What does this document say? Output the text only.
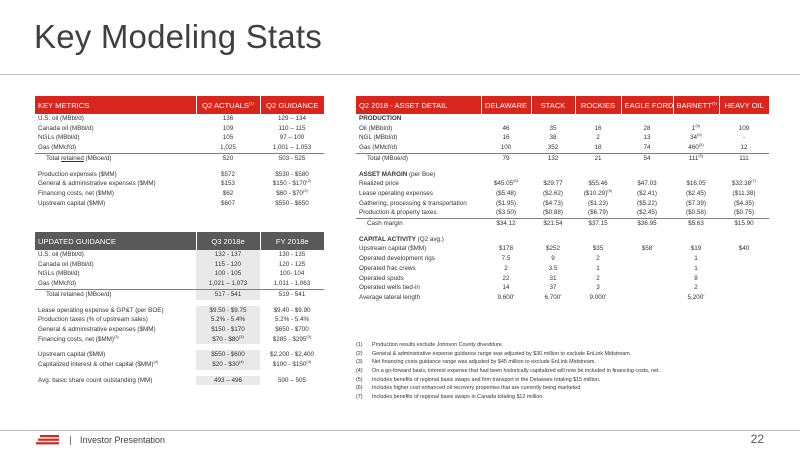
Key Modeling Stats
KEY METRICS	Q2 ACTUALS$^{(1)}$	Q2 GUIDANCE
U.S. oil (MBbl/d)	136	129 – 134
Canada oil (MBbl/d)	109	110 – 115
NGLs (MBbl/d)	105	97 – 100
Gas (MMcf/d)	1,025	1,001 – 1,053
Total retained (MBoe/d)	520	503 - 525

Production expenses ($MM)	$572	$530 - $580
General & administrative expenses ($MM)	$153	$150 - $170$^{(2)}$
Financing costs, net ($MM)	$62	$60 - $70$^{(3)}$
Upstream capital ($MM)	$607	$550 - $650
UPDATED GUIDANCE	Q3 2018e	FY 2018e
U.S. oil (MBbl/d)	132 - 137	130 - 135
Canada oil (MBbl/d)	115 - 120	120 - 125
NGLs (MBbl/d)	100 - 105	100- 104
Gas (MMcf/d)	1,021 – 1,073	1,011 - 1,063
Total retained (MBoe/d)	517 - 541	519 - 541

Lease operating expense & GP&T (per BOE)	$9.50 - $9.75	$9.40 - $9.90
Production taxes (% of upstream sales)	5.2% - 5.4%	5.2% - 5.4%
General & administrative expenses ($MM)	$150 - $170	$650 - $700
Financing costs, net ($MM)$^{(3)}$	$70 - $80$^{(3)}$	$285 - $295$^{(3)}$

Upstream capital ($MM)	$550 - $600	$2,200 - $2,400
Capitalized interest & other capital ($MM)$^{(4)}$	$20 - $30$^{(4)}$	$100 - $150$^{(4)}$

Avg. basic share count outstanding (MM)	493 – 496	500 – 505
Q2 2018 - ASSET DETAIL	DELAWARE	STACK	ROCKIES	EAGLE FORD	BARNETT$^{(5)}$	HEAVY OIL
PRODUCTION						
Oil (MBbl/d)	46	35	16	28	1$^{(5)}$	109
NGL (MBbl/d)	16	38	2	13	34$^{(5)}$	-
Gas (MMcf/d)	100	352	18	74	460$^{(5)}$	12
Total (MBoe/d)	79	132	21	54	111$^{(5)}$	111

ASSET MARGIN (per Boe)						
Realized price	$45.05$^{(6)}$	$29.77	$55.46	$47.03	$16.05	$32.38$^{(7)}$
Lease operating expenses	($5.48)	($2.62)	($10.29)$^{(6)}$	($2.41)	($2.45)	($11.38)
Gathering, processing & transportation	($1.95)	($4.73)	($1.23)	($5.22)	($7.39)	($4.35)
Production & property taxes	($3.50)	($0.88)	($6.79)	($2.45)	($0.58)	($0.75)
Cash margin	$34.12	$21.54	$37.15	$36.95	$5.63	$15.90

CAPITAL ACTIVITY (Q2 avg.)						
Upstream capital ($MM)	$178	$252	$35	$58	$19	$40
Operated development rigs	7.5	9	2		1	
Operated frac crews	2	3.5	1		1	
Operated spuds	22	31	2		8	
Operated wells tied-in	14	37	3		2	
Average lateral length	9,600'	6,700'	9,000'		5,200'	
(1)	Production results exclude Johnson County divestiture.
(2)	General & administrative expense guidance range was adjusted by $30 million to exclude EnLink Midstream.
(3)	Net financing costs guidance range was adjusted by $45 million to exclude EnLink Midstream.
(4)	On a go-forward basis, interest expense that had been historically capitalized will now be included in financing costs, net.
(5)	Includes benefits of regional basis swaps and firm transport in the Delaware totaling $15 million.
(6)	Includes higher cost enhanced oil recovery properties that are currently being marketed.
(7)	Includes benefits of regional basis swaps in Canada totaling $12 million.
Investor Presentation	22
